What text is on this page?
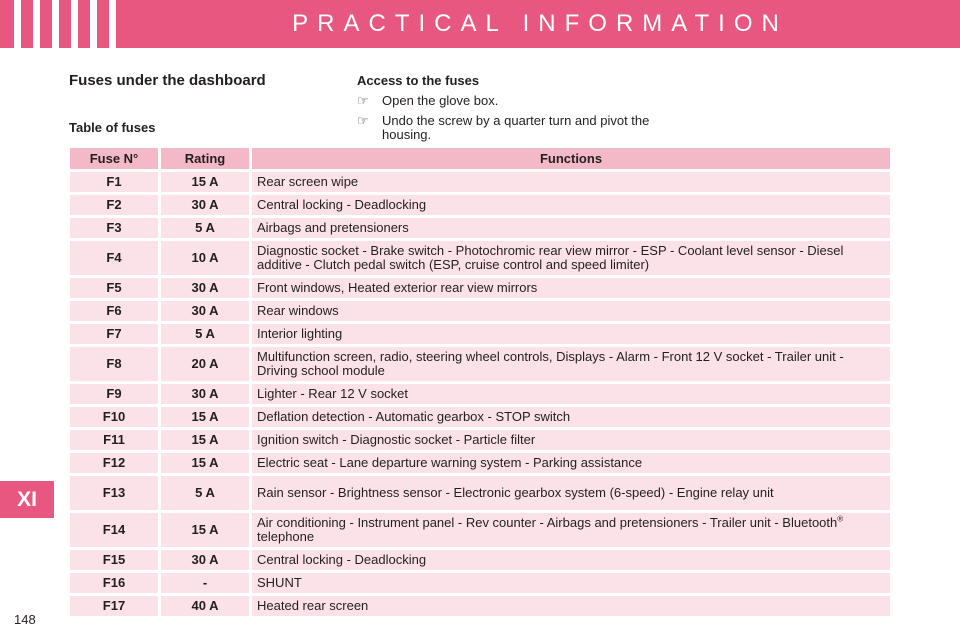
PRACTICAL INFORMATION
Fuses under the dashboard
Table of fuses
Access to the fuses
☞ Open the glove box.
☞ Undo the screw by a quarter turn and pivot the housing.
Fuse N°	Rating	Functions
F1	15 A	Rear screen wipe
F2	30 A	Central locking - Deadlocking
F3	5 A	Airbags and pretensioners
F4	10 A	Diagnostic socket - Brake switch - Photochromic rear view mirror - ESP - Coolant level sensor - Diesel additive - Clutch pedal switch (ESP, cruise control and speed limiter)
F5	30 A	Front windows, Heated exterior rear view mirrors
F6	30 A	Rear windows
F7	5 A	Interior lighting
F8	20 A	Multifunction screen, radio, steering wheel controls, Displays - Alarm - Front 12 V socket - Trailer unit - Driving school module
F9	30 A	Lighter - Rear 12 V socket
F10	15 A	Deflation detection - Automatic gearbox - STOP switch
F11	15 A	Ignition switch - Diagnostic socket - Particle filter
F12	15 A	Electric seat - Lane departure warning system - Parking assistance
F13	5 A	Rain sensor - Brightness sensor - Electronic gearbox system (6-speed) - Engine relay unit
F14	15 A	Air conditioning - Instrument panel - Rev counter - Airbags and pretensioners - Trailer unit - Bluetooth® telephone
F15	30 A	Central locking - Deadlocking
F16	-	SHUNT
F17	40 A	Heated rear screen
XI
148
